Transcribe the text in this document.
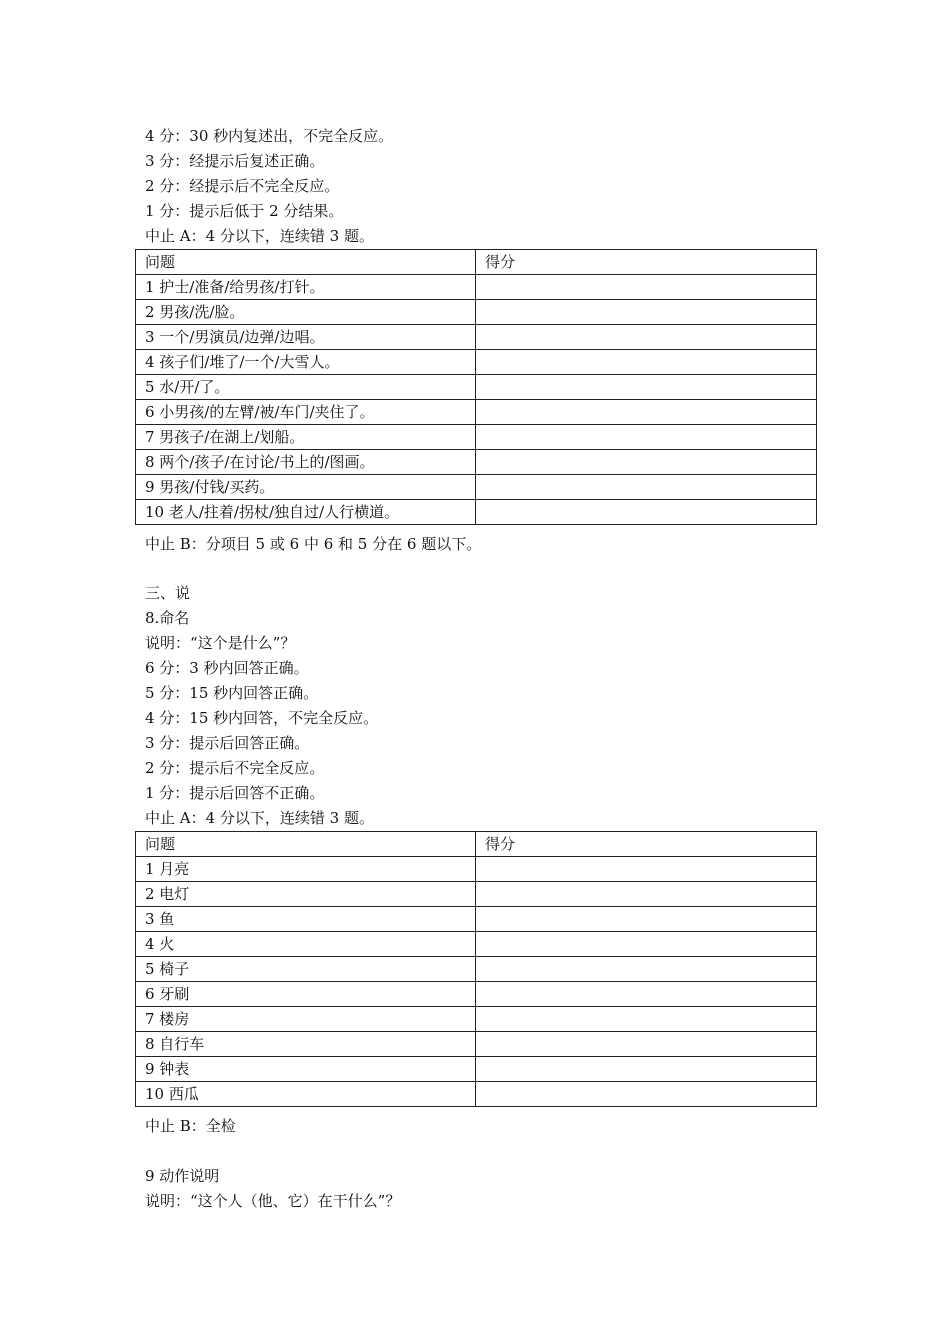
4 分：30 秒内复述出，不完全反应。
3 分：经提示后复述正确。
2 分：经提示后不完全反应。
1 分：提示后低于 2 分结果。
中止 A：4 分以下，连续错 3 题。
问题	得分
1 护士/准备/给男孩/打针。	
2 男孩/洗/脸。	
3 一个/男演员/边弹/边唱。	
4 孩子们/堆了/一个/大雪人。	
5 水/开/了。	
6 小男孩/的左臂/被/车门/夹住了。	
7 男孩子/在湖上/划船。	
8 两个/孩子/在讨论/书上的/图画。	
9 男孩/付钱/买药。	
10 老人/拄着/拐杖/独自过/人行横道。	
中止 B：分项目 5 或 6 中 6 和 5 分在 6 题以下。
三、说
8.命名
说明：“这个是什么”？
6 分：3 秒内回答正确。
5 分：15 秒内回答正确。
4 分：15 秒内回答，不完全反应。
3 分：提示后回答正确。
2 分：提示后不完全反应。
1 分：提示后回答不正确。
中止 A：4 分以下，连续错 3 题。
问题	得分
1 月亮	
2 电灯	
3 鱼	
4 火	
5 椅子	
6 牙刷	
7 楼房	
8 自行车	
9 钟表	
10 西瓜	
中止 B：全检
9 动作说明
说明：“这个人（他、它）在干什么”？
